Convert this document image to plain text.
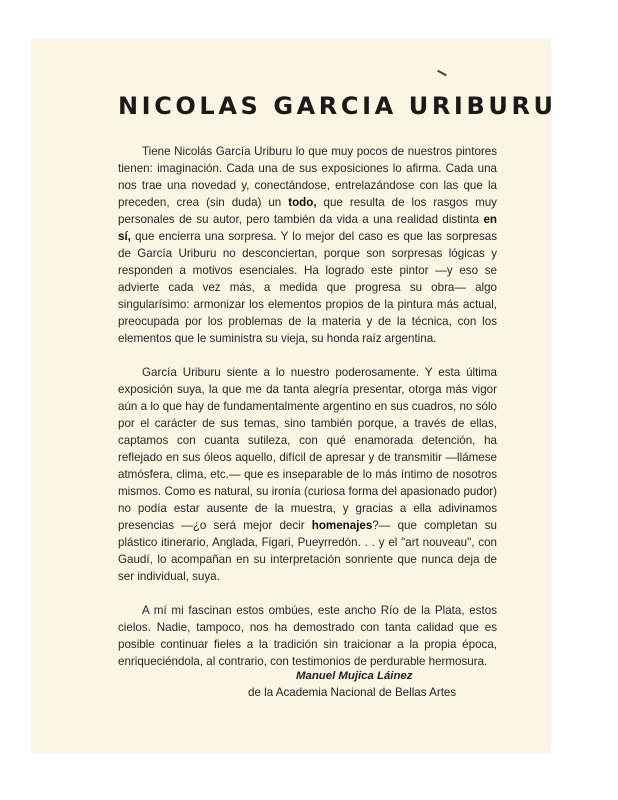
NICOLAS GARCIA URIBURU

Tiene Nicolás García Uriburu lo que muy pocos de nuestros pintores tienen: imaginación. Cada una de sus exposiciones lo afirma. Cada una nos trae una novedad y, conectándose, entrelazándose con las que la preceden, crea (sin duda) un todo, que resulta de los rasgos muy personales de su autor, pero también da vida a una realidad distinta en sí, que encierra una sorpresa. Y lo mejor del caso es que las sorpresas de García Uriburu no desconciertan, porque son sorpresas lógicas y responden a motivos esenciales. Ha logrado este pintor —y eso se advierte cada vez más, a medida que progresa su obra— algo singularísimo: armonizar los elementos propios de la pintura más actual, preocupada por los problemas de la materia y de la técnica, con los elementos que le suministra su vieja, su honda raíz argentina.

García Uriburu siente a lo nuestro poderosamente. Y esta última exposición suya, la que me da tanta alegría presentar, otorga más vigor aún a lo que hay de fundamentalmente argentino en sus cuadros, no sólo por el carácter de sus temas, sino también porque, a través de ellas, captamos con cuanta sutileza, con qué enamorada detención, ha reflejado en sus óleos aquello, difícil de apresar y de transmitir —llámese atmósfera, clima, etc.— que es inseparable de lo más íntimo de nosotros mismos. Como es natural, su ironía (curiosa forma del apasionado pudor) no podía estar ausente de la muestra, y gracias a ella adivinamos presencias —¿o será mejor decir homenajes?— que completan su plástico itinerario, Anglada, Figari, Pueyrredón. . . y el "art nouveau", con Gaudí, lo acompañan en su interpretación sonriente que nunca deja de ser individual, suya.

A mí mi fascinan estos ombúes, este ancho Río de la Plata, estos cielos. Nadie, tampoco, nos ha demostrado con tanta calidad que es posible continuar fieles a la tradición sin traicionar a la propia época, enriqueciéndola, al contrario, con testimonios de perdurable hermosura.

Manuel Mujica Láinez
de la Academia Nacional de Bellas Artes
